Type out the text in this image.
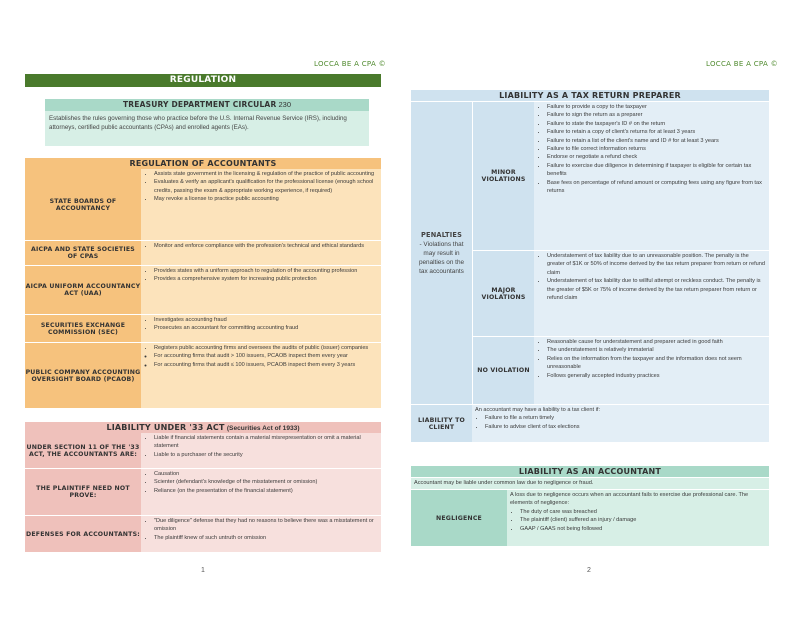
LOCCA BE A CPA ©
REGULATION
TREASURY DEPARTMENT CIRCULAR 230
Establishes the rules governing those who practice before the U.S. Internal Revenue Service (IRS), including attorneys, certified public accountants (CPAs) and enrolled agents (EAs).
REGULATION OF ACCOUNTANTS
STATE BOARDS OF ACCOUNTANCY
• Assists state government in the licensing & regulation of the practice of public accounting
• Evaluates & verify an applicant's qualification for the professional license (enough school credits, passing the exam & appropriate working experience, if required)
• May revoke a license to practice public accounting
AICPA AND STATE SOCIETIES OF CPAS
• Monitor and enforce compliance with the profession's technical and ethical standards
AICPA UNIFORM ACCOUNTANCY ACT (UAA)
• Provides states with a uniform approach to regulation of the accounting profession
• Provides a comprehensive system for increasing public protection
SECURITIES EXCHANGE COMMISSION (SEC)
• Investigates accounting fraud
• Prosecutes an accountant for committing accounting fraud
PUBLIC COMPANY ACCOUNTING OVERSIGHT BOARD (PCAOB)
• Registers public accounting firms and oversees the audits of public (issuer) companies
◦ For accounting firms that audit > 100 issuers, PCAOB inspect them every year
◦ For accounting firms that audit ≤ 100 issuers, PCAOB inspect them every 3 years
LIABILITY UNDER '33 ACT (Securities Act of 1933)
UNDER SECTION 11 OF THE '33 ACT, THE ACCOUNTANTS ARE:
• Liable if financial statements contain a material misrepresentation or omit a material statement
• Liable to a purchaser of the security
THE PLAINTIFF NEED NOT PROVE:
• Causation
• Scienter (defendant's knowledge of the misstatement or omission)
• Reliance (on the presentation of the financial statement)
DEFENSES FOR ACCOUNTANTS:
• "Due diligence" defense that they had no reasons to believe there was a misstatement or omission
• The plaintiff knew of such untruth or omission
1
LOCCA BE A CPA ©
LIABILITY AS A TAX RETURN PREPARER
PENALTIES
- Violations that may result in penalties on the tax accountants
MINOR VIOLATIONS
• Failure to provide a copy to the taxpayer
• Failure to sign the return as a preparer
• Failure to state the taxpayer's ID # on the return
• Failure to retain a copy of client's returns for at least 3 years
• Failure to retain a list of the client's name and ID # for at least 3 years
• Failure to file correct information returns
• Endorse or negotiate a refund check
• Failure to exercise due diligence in determining if taxpayer is eligible for certain tax benefits
• Base fees on percentage of refund amount or computing fees using any figure from tax returns
MAJOR VIOLATIONS
• Understatement of tax liability due to an unreasonable position. The penalty is the greater of $1K or 50% of income derived by the tax return preparer from return or refund claim
• Understatement of tax liability due to willful attempt or reckless conduct. The penalty is the greater of $5K or 75% of income derived by the tax return preparer from return or refund claim
NO VIOLATION
• Reasonable cause for understatement and preparer acted in good faith
• The understatement is relatively immaterial
• Relies on the information from the taxpayer and the information does not seem unreasonable
• Follows generally accepted industry practices
LIABILITY TO CLIENT
An accountant may have a liability to a tax client if:
• Failure to file a return timely
• Failure to advise client of tax elections
LIABILITY AS AN ACCOUNTANT
Accountant may be liable under common law due to negligence or fraud.
NEGLIGENCE
A loss due to negligence occurs when an accountant fails to exercise due professional care. The elements of negligence:
• The duty of care was breached
• The plaintiff (client) suffered an injury / damage
• GAAP / GAAS not being followed
2
